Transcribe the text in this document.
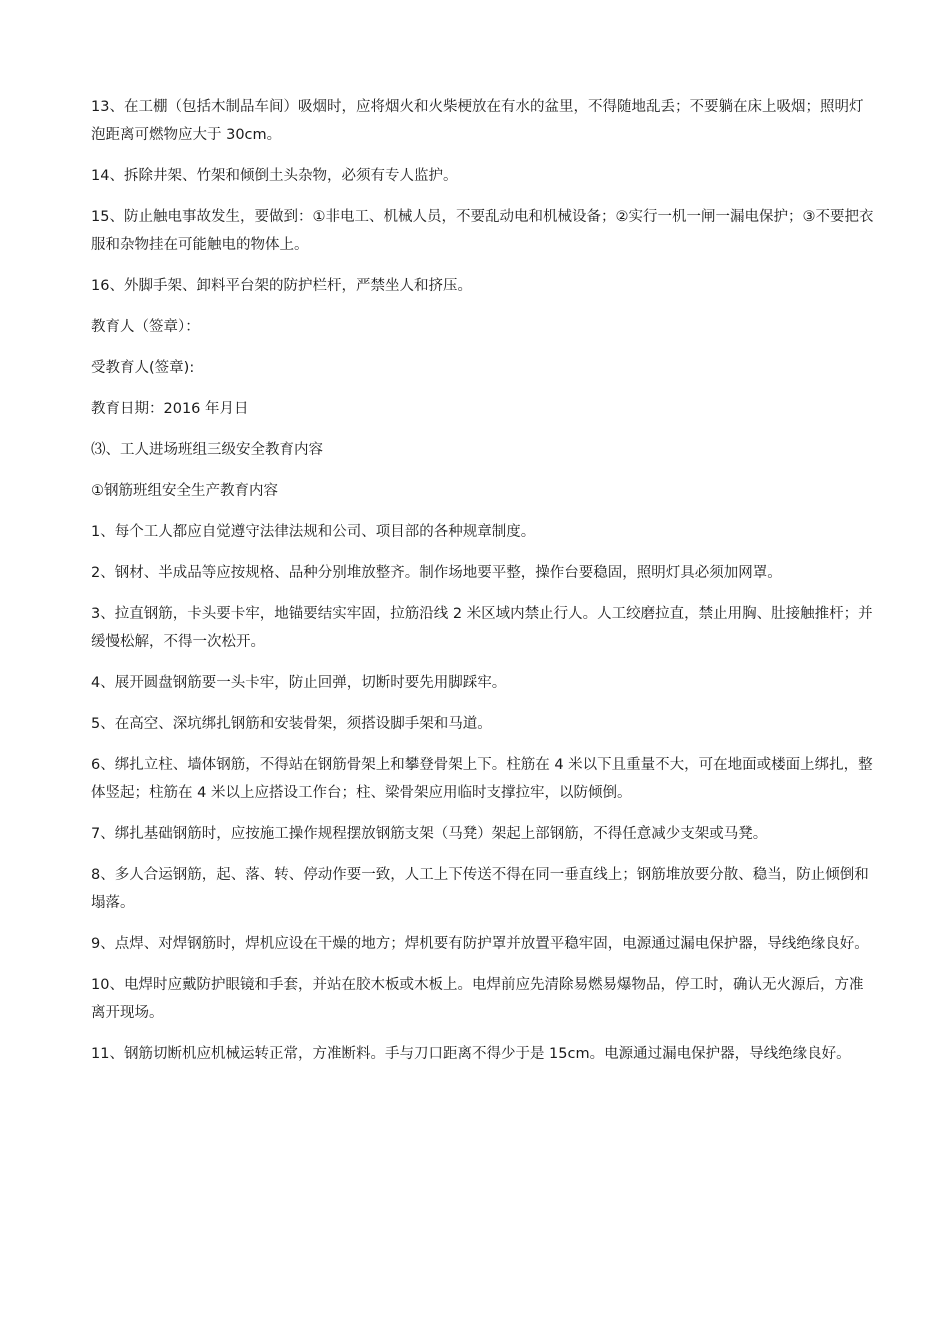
13、在工棚（包括木制品车间）吸烟时，应将烟火和火柴梗放在有水的盆里，不得随地乱丢；不要躺在床上吸烟；照明灯泡距离可燃物应大于 30cm。

14、拆除井架、竹架和倾倒土头杂物，必须有专人监护。

15、防止触电事故发生，要做到：①非电工、机械人员，不要乱动电和机械设备；②实行一机一闸一漏电保护；③不要把衣服和杂物挂在可能触电的物体上。

16、外脚手架、卸料平台架的防护栏杆，严禁坐人和挤压。

教育人（签章）：

受教育人(签章):

教育日期：2016 年月日

⑶、工人进场班组三级安全教育内容

①钢筋班组安全生产教育内容

1、每个工人都应自觉遵守法律法规和公司、项目部的各种规章制度。

2、钢材、半成品等应按规格、品种分别堆放整齐。制作场地要平整，操作台要稳固，照明灯具必须加网罩。

3、拉直钢筋，卡头要卡牢，地锚要结实牢固，拉筋沿线 2 米区域内禁止行人。人工绞磨拉直，禁止用胸、肚接触推杆；并缓慢松解，不得一次松开。

4、展开圆盘钢筋要一头卡牢，防止回弹，切断时要先用脚踩牢。

5、在高空、深坑绑扎钢筋和安装骨架，须搭设脚手架和马道。

6、绑扎立柱、墙体钢筋，不得站在钢筋骨架上和攀登骨架上下。柱筋在 4 米以下且重量不大，可在地面或楼面上绑扎，整体竖起；柱筋在 4 米以上应搭设工作台；柱、梁骨架应用临时支撑拉牢，以防倾倒。

7、绑扎基础钢筋时，应按施工操作规程摆放钢筋支架（马凳）架起上部钢筋，不得任意减少支架或马凳。

8、多人合运钢筋，起、落、转、停动作要一致，人工上下传送不得在同一垂直线上；钢筋堆放要分散、稳当，防止倾倒和塌落。

9、点焊、对焊钢筋时，焊机应设在干燥的地方；焊机要有防护罩并放置平稳牢固，电源通过漏电保护器，导线绝缘良好。

10、电焊时应戴防护眼镜和手套，并站在胶木板或木板上。电焊前应先清除易燃易爆物品，停工时，确认无火源后，方准离开现场。

11、钢筋切断机应机械运转正常，方准断料。手与刀口距离不得少于是 15cm。电源通过漏电保护器，导线绝缘良好。
